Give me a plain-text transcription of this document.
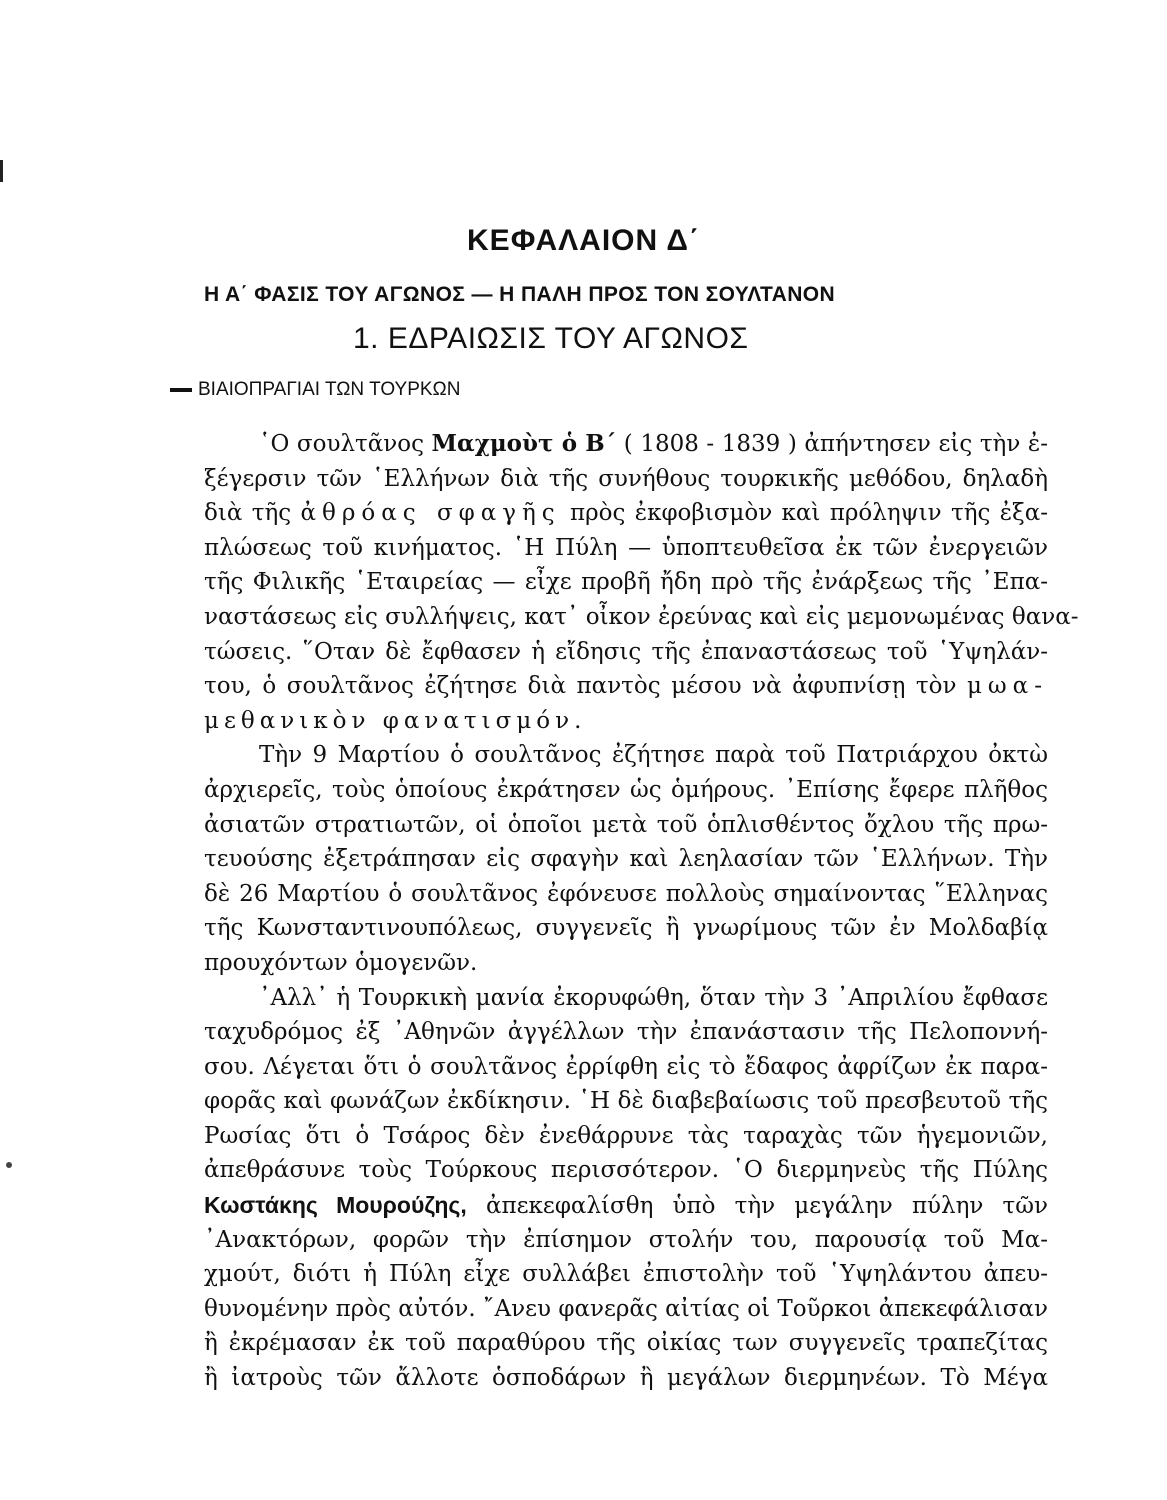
ΚΕΦΑΛΑΙΟΝ Δ΄
Η Α΄ ΦΑΣΙΣ ΤΟΥ ΑΓΩΝΟΣ — Η ΠΑΛΗ ΠΡΟΣ ΤΟΝ ΣΟΥΛΤΑΝΟΝ
1. ΕΔΡΑΙΩΣΙΣ ΤΟΥ ΑΓΩΝΟΣ
ΒΙΑΙΟΠΡΑΓΙΑΙ ΤΩΝ ΤΟΥΡΚΩΝ
῾Ο σουλτᾶνος Μαχμοὺτ ὁ Β΄ ( 1808 - 1839 ) ἀπήντησεν εἰς τὴν ἐ-
ξέγερσιν τῶν ῾Ελλήνων διὰ τῆς συνήθους τουρκικῆς μεθόδου, δηλαδὴ
διὰ τῆς ἀθρόας σφαγῆς πρὸς ἐκφοβισμὸν καὶ πρόληψιν τῆς ἐξα-
πλώσεως τοῦ κινήματος. ῾Η Πύλη — ὑποπτευθεῖσα ἐκ τῶν ἐνεργειῶν
τῆς Φιλικῆς ῾Εταιρείας — εἶχε προβῆ ἤδη πρὸ τῆς ἐνάρξεως τῆς ᾿Επα-
ναστάσεως εἰς συλλήψεις, κατ᾿ οἶκον ἐρεύνας καὶ εἰς μεμονωμένας θανα-
τώσεις. ῞Οταν δὲ ἔφθασεν ἡ εἴδησις τῆς ἐπαναστάσεως τοῦ ῾Υψηλάν-
του, ὁ σουλτᾶνος ἐζήτησε διὰ παντὸς μέσου νὰ ἀφυπνίσῃ τὸν μωα-
μεθανικὸν φανατισμόν.
Τὴν 9 Μαρτίου ὁ σουλτᾶνος ἐζήτησε παρὰ τοῦ Πατριάρχου ὀκτὼ
ἀρχιερεῖς, τοὺς ὁποίους ἐκράτησεν ὡς ὁμήρους. ᾿Επίσης ἔφερε πλῆθος
ἀσιατῶν στρατιωτῶν, οἱ ὁποῖοι μετὰ τοῦ ὁπλισθέντος ὄχλου τῆς πρω-
τευούσης ἐξετράπησαν εἰς σφαγὴν καὶ λεηλασίαν τῶν ῾Ελλήνων. Τὴν
δὲ 26 Μαρτίου ὁ σουλτᾶνος ἐφόνευσε πολλοὺς σημαίνοντας ῞Ελληνας
τῆς Κωνσταντινουπόλεως, συγγενεῖς ἢ γνωρίμους τῶν ἐν Μολδαβίᾳ
προυχόντων ὁμογενῶν.
᾿Αλλ᾿ ἡ Τουρκικὴ μανία ἐκορυφώθη, ὅταν τὴν 3 ᾿Απριλίου ἔφθασε
ταχυδρόμος ἐξ ᾿Αθηνῶν ἀγγέλλων τὴν ἐπανάστασιν τῆς Πελοποννή-
σου. Λέγεται ὅτι ὁ σουλτᾶνος ἐρρίφθη εἰς τὸ ἔδαφος ἀφρίζων ἐκ παρα-
φορᾶς καὶ φωνάζων ἐκδίκησιν. ῾Η δὲ διαβεβαίωσις τοῦ πρεσβευτοῦ τῆς
Ρωσίας ὅτι ὁ Τσάρος δὲν ἐνεθάρρυνε τὰς ταραχὰς τῶν ἡγεμονιῶν,
ἀπεθράσυνε τοὺς Τούρκους περισσότερον. ῾Ο διερμηνεὺς τῆς Πύλης
Κωστάκης Μουρούζης, ἀπεκεφαλίσθη ὑπὸ τὴν μεγάλην πύλην τῶν
᾿Ανακτόρων, φορῶν τὴν ἐπίσημον στολήν του, παρουσίᾳ τοῦ Μα-
χμούτ, διότι ἡ Πύλη εἶχε συλλάβει ἐπιστολὴν τοῦ ῾Υψηλάντου ἀπευ-
θυνομένην πρὸς αὐτόν. ῎Ανευ φανερᾶς αἰτίας οἱ Τοῦρκοι ἀπεκεφάλισαν
ἢ ἐκρέμασαν ἐκ τοῦ παραθύρου τῆς οἰκίας των συγγενεῖς τραπεζίτας
ἢ ἰατροὺς τῶν ἄλλοτε ὁσποδάρων ἢ μεγάλων διερμηνέων. Τὸ Μέγα
